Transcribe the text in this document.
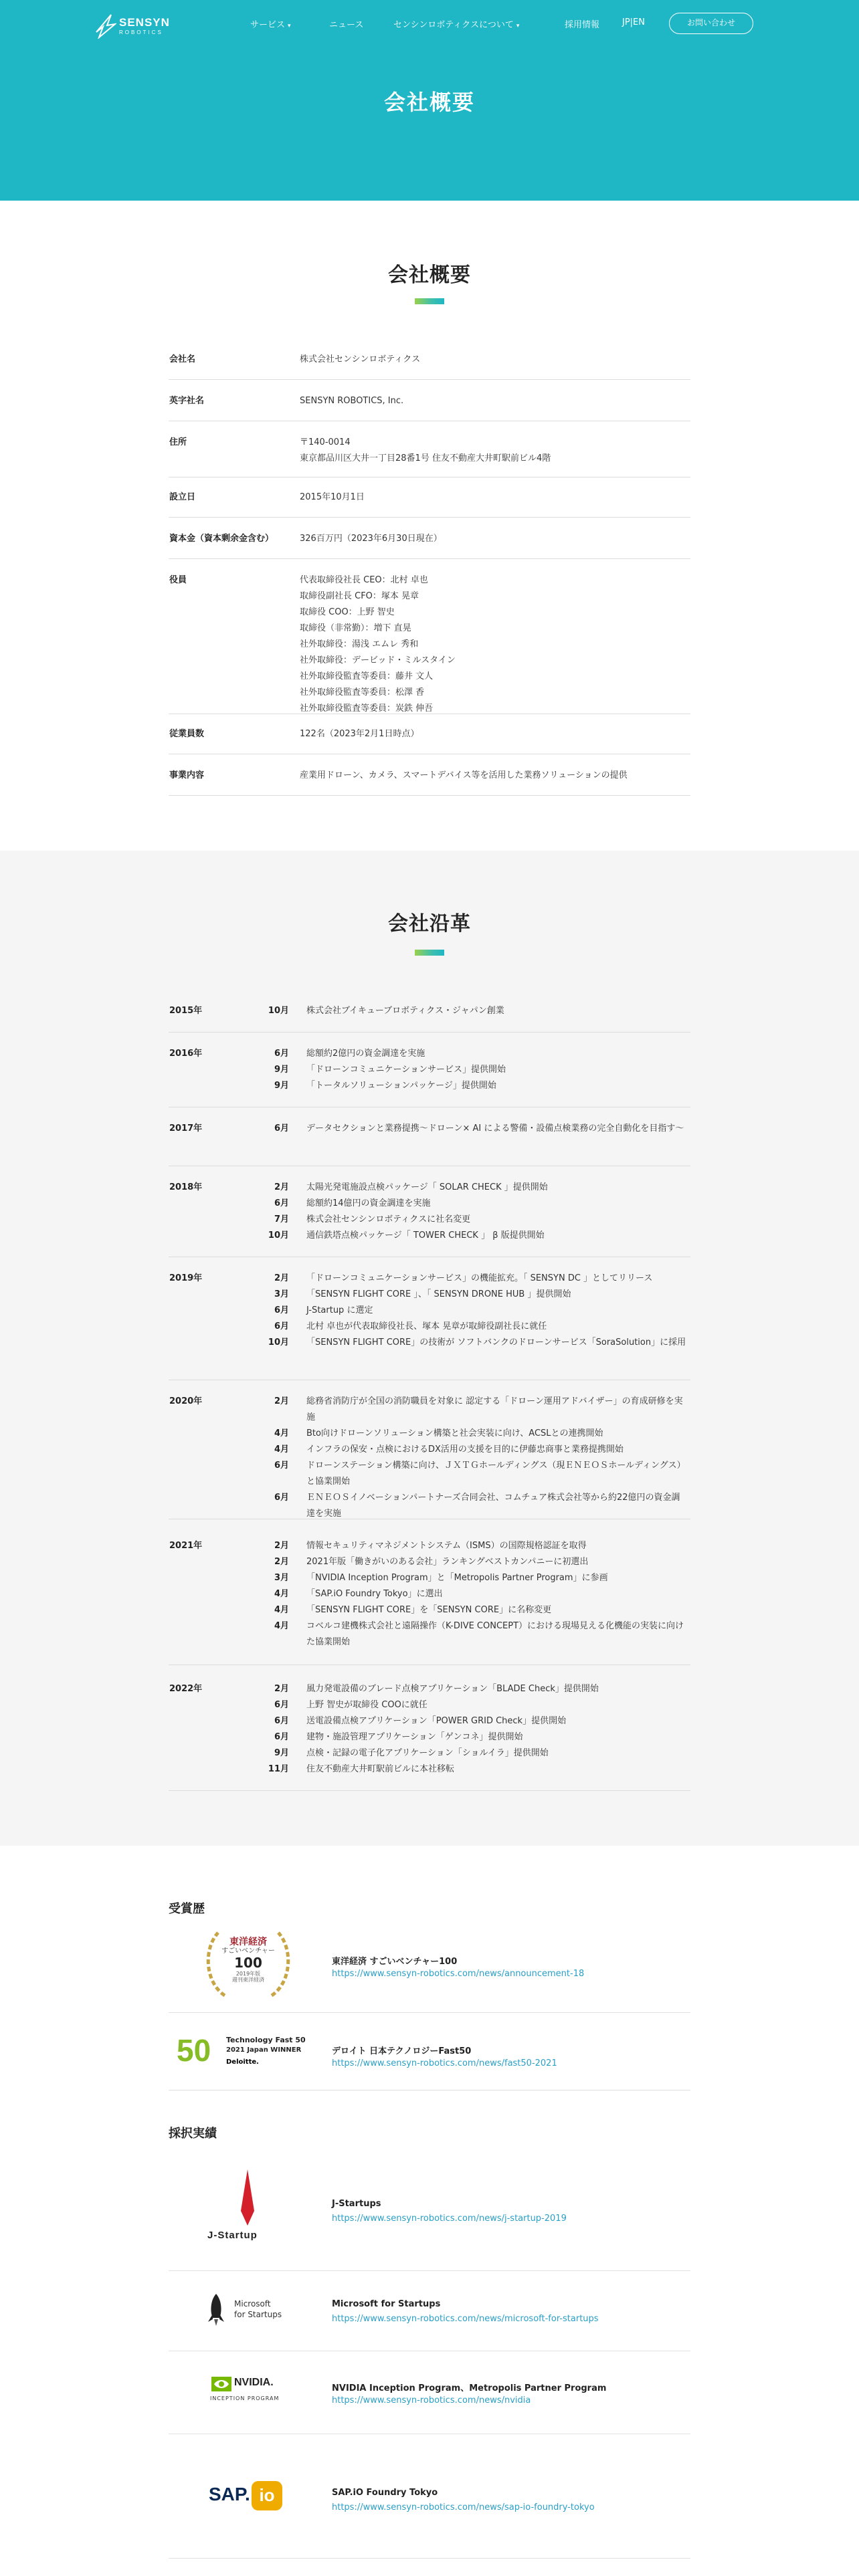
SENSYN
ROBOTICS
サービス ▾	ニュース	センシンロボティクスについて ▾	採用情報	JP|EN	お問い合わせ
会社概要
会社概要
会社名	株式会社センシンロボティクス
英字社名	SENSYN ROBOTICS, Inc.
住所	〒140-0014
東京都品川区大井一丁目28番1号 住友不動産大井町駅前ビル4階
設立日	2015年10月1日
資本金（資本剰余金含む）	326百万円（2023年6月30日現在）
役員	代表取締役社長 CEO：北村 卓也
取締役副社長 CFO：塚本 晃章
取締役 COO：上野 智史
取締役（非常勤）：増下 直晃
社外取締役：湯浅 エムレ 秀和
社外取締役：デービッド・ミルスタイン
社外取締役監査等委員：藤井 文人
社外取締役監査等委員：松澤 香
社外取締役監査等委員：炭鉄 伸吾
従業員数	122名（2023年2月1日時点）
事業内容	産業用ドローン、カメラ、スマートデバイス等を活用した業務ソリューションの提供
会社沿革
2015年	10月 株式会社ブイキューブロボティクス・ジャパン創業
2016年	6月 総額約2億円の資金調達を実施
9月 「ドローンコミュニケーションサービス」提供開始
9月 「トータルソリューションパッケージ」提供開始
2017年	6月 データセクションと業務提携〜ドローン× AI による警備・設備点検業務の完全自動化を目指す〜
2018年	2月 太陽光発電施設点検パッケージ「 SOLAR CHECK 」提供開始
6月 総額約14億円の資金調達を実施
7月 株式会社センシンロボティクスに社名変更
10月 通信鉄塔点検パッケージ「 TOWER CHECK 」 β 版提供開始
2019年	2月 「ドローンコミュニケーションサービス」の機能拡充。「 SENSYN DC 」としてリリース
3月 「SENSYN FLIGHT CORE 」、「 SENSYN DRONE HUB 」提供開始
6月 J-Startup に選定
6月 北村 卓也が代表取締役社長、塚本 晃章が取締役副社長に就任
10月 「SENSYN FLIGHT CORE」の技術が ソフトバンクのドローンサービス「SoraSolution」に採用
2020年	2月 総務省消防庁が全国の消防職員を対象に 認定する「ドローン運用アドバイザー」の育成研修を実施
4月 Bto向けドローンソリューション構築と社会実装に向け、ACSLとの連携開始
4月 インフラの保安・点検におけるDX活用の支援を目的に伊藤忠商事と業務提携開始
6月 ドローンステーション構築に向け、ＪＸＴＧホールディングス（現ＥＮＥＯＳホールディングス）と協業開始
6月 ＥＮＥＯＳイノベーションパートナーズ合同会社、コムチュア株式会社等から約22億円の資金調達を実施
2021年	2月 情報セキュリティマネジメントシステム（ISMS）の国際規格認証を取得
2月 2021年版「働きがいのある会社」ランキングベストカンパニーに初選出
3月 「NVIDIA Inception Program」と「Metropolis Partner Program」に参画
4月 「SAP.iO Foundry Tokyo」に選出
4月 「SENSYN FLIGHT CORE」を「SENSYN CORE」に名称変更
4月 コベルコ建機株式会社と遠隔操作（K-DIVE CONCEPT）における現場見える化機能の実装に向けた協業開始
2022年	2月 風力発電設備のブレード点検アプリケーション「BLADE Check」提供開始
6月 上野 智史が取締役 COOに就任
6月 送電設備点検アプリケーション「POWER GRID Check」提供開始
6月 建物・施設管理アプリケーション「ゲンコネ」提供開始
9月 点検・記録の電子化アプリケーション「ショルイラ」提供開始
11月 住友不動産大井町駅前ビルに本社移転
受賞歴
東洋経済
すごいベンチャー
100
2019年版
週刊東洋経済
東洋経済 すごいベンチャー100
https://www.sensyn-robotics.com/news/announcement-18
50 Technology Fast 50
2021 Japan WINNER
Deloitte.
デロイト 日本テクノロジーFast50
https://www.sensyn-robotics.com/news/fast50-2021
採択実績
J-Startup
J-Startups
https://www.sensyn-robotics.com/news/j-startup-2019
Microsoft
for Startups
Microsoft for Startups
https://www.sensyn-robotics.com/news/microsoft-for-startups
NVIDIA.
INCEPTION PROGRAM
NVIDIA Inception Program、Metropolis Partner Program
https://www.sensyn-robotics.com/news/nvidia
SAP. io	SAP.iO Foundry Tokyo
https://www.sensyn-robotics.com/news/sap-io-foundry-tokyo
